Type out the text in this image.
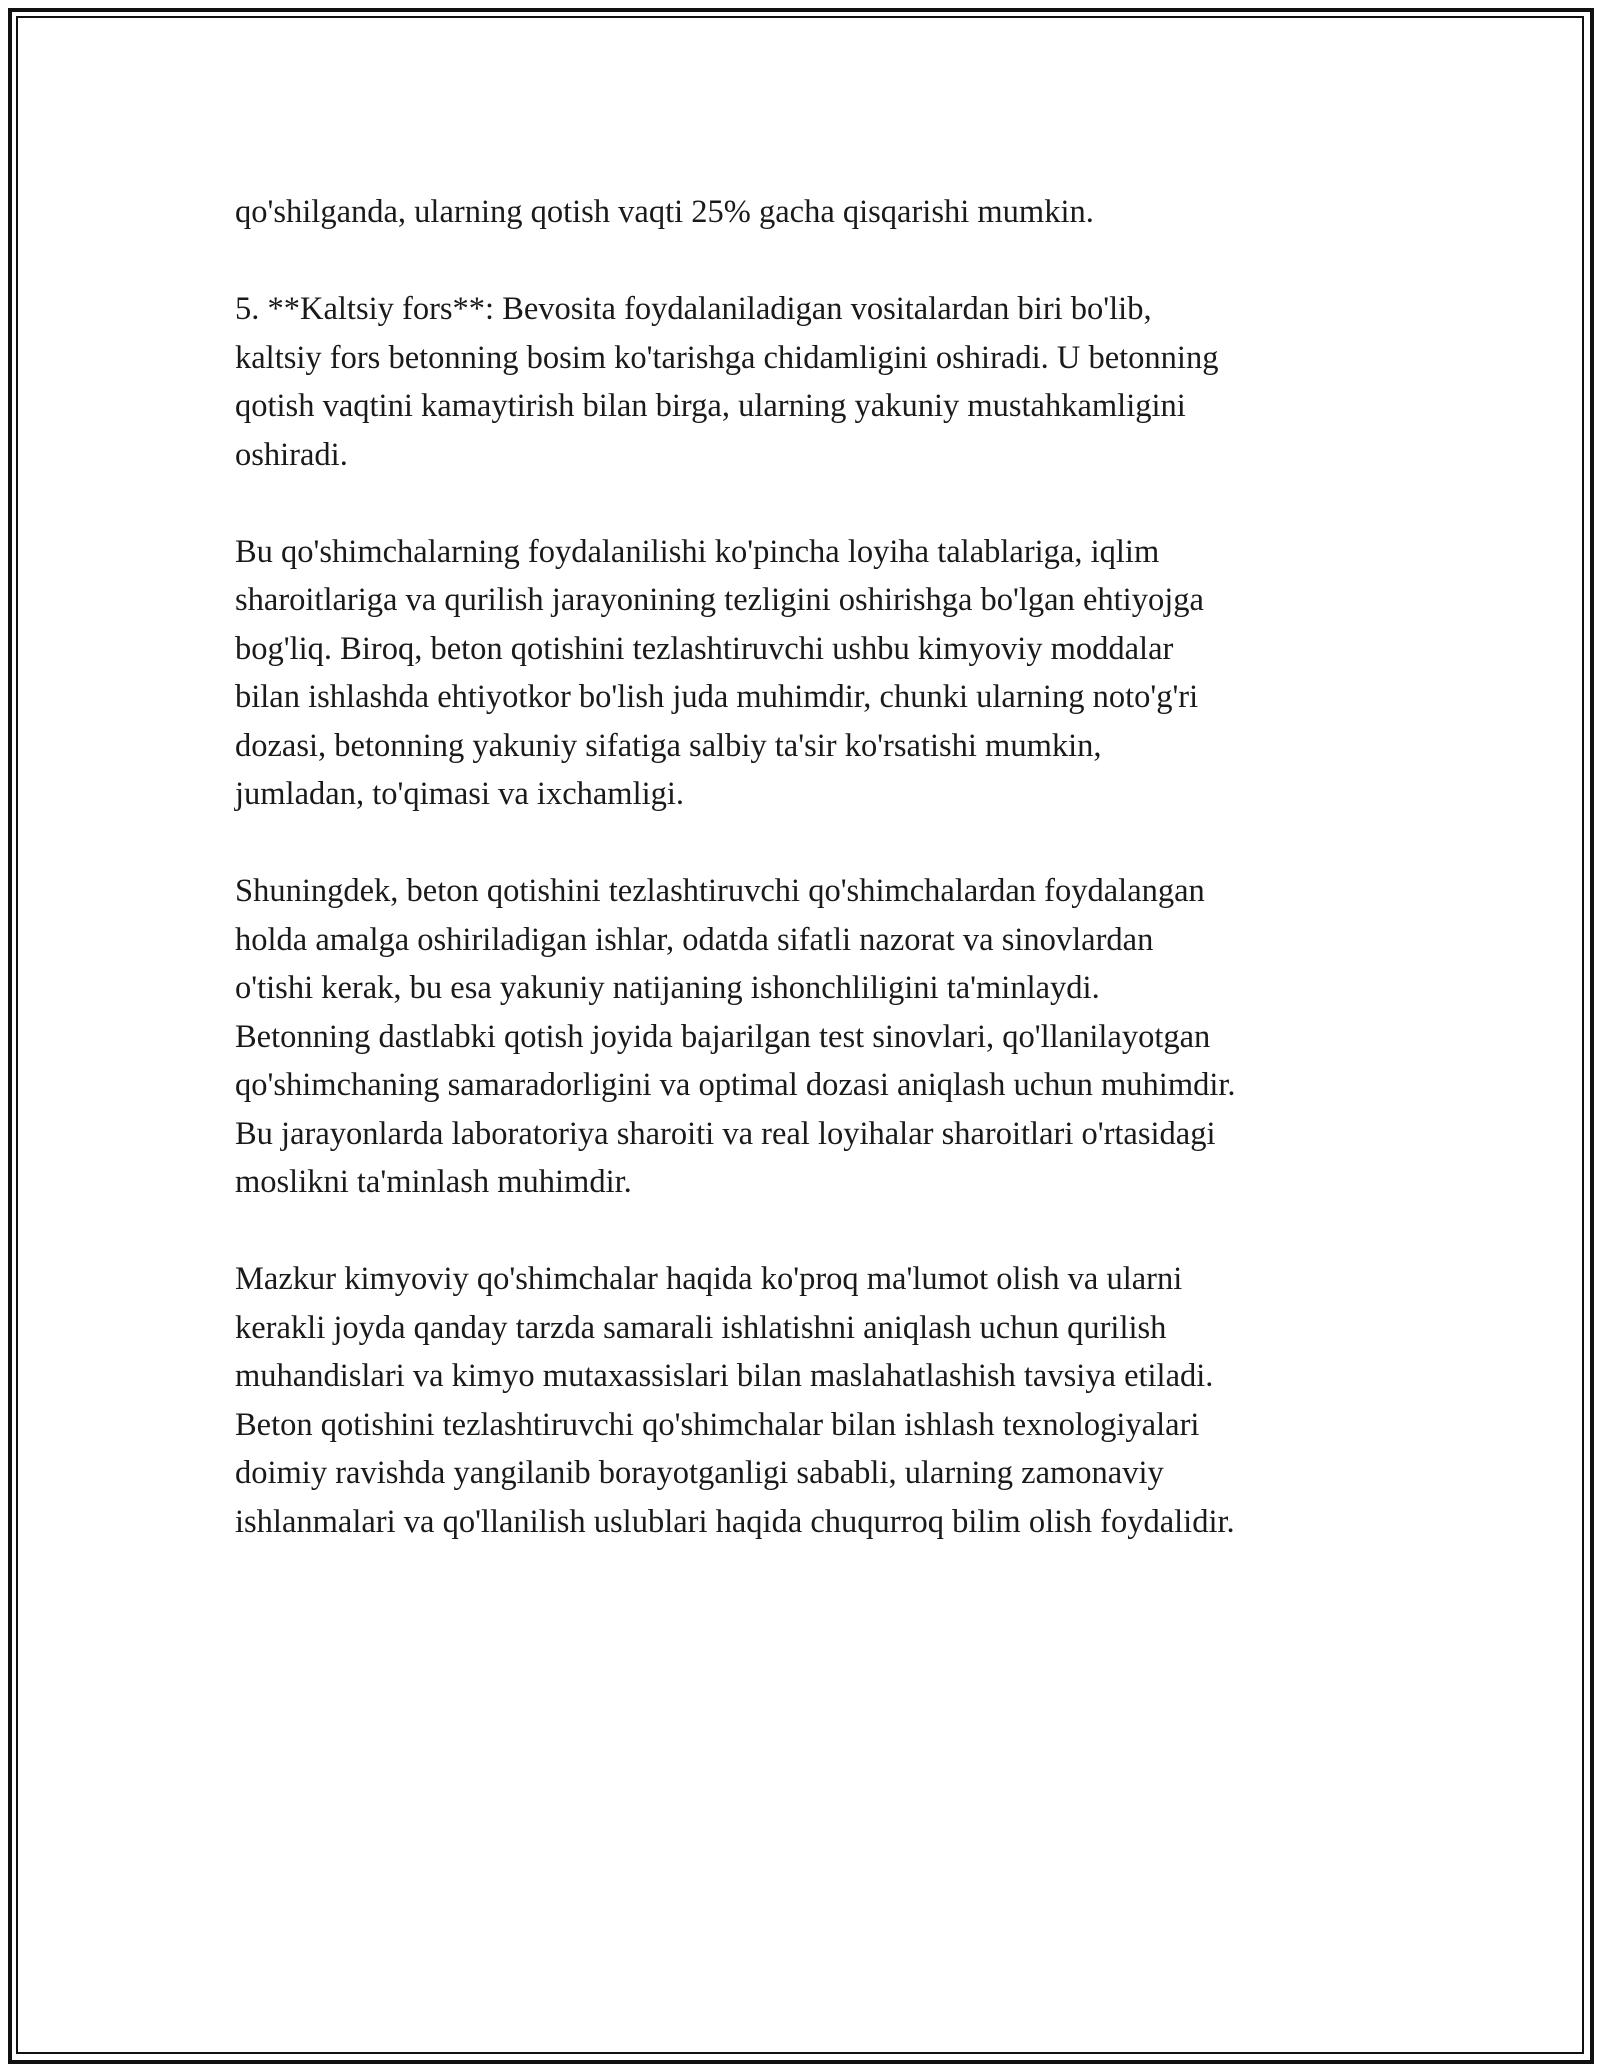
qo'shilganda, ularning qotish vaqti 25% gacha qisqarishi mumkin.

5. **Kaltsiy fors**: Bevosita foydalaniladigan vositalardan biri bo'lib,
kaltsiy fors betonning bosim ko'tarishga chidamligini oshiradi. U betonning
qotish vaqtini kamaytirish bilan birga, ularning yakuniy mustahkamligini
oshiradi.

Bu qo'shimchalarning foydalanilishi ko'pincha loyiha talablariga, iqlim
sharoitlariga va qurilish jarayonining tezligini oshirishga bo'lgan ehtiyojga
bog'liq. Biroq, beton qotishini tezlashtiruvchi ushbu kimyoviy moddalar
bilan ishlashda ehtiyotkor bo'lish juda muhimdir, chunki ularning noto'g'ri
dozasi, betonning yakuniy sifatiga salbiy ta'sir ko'rsatishi mumkin,
jumladan, to'qimasi va ixchamligi.

Shuningdek, beton qotishini tezlashtiruvchi qo'shimchalardan foydalangan
holda amalga oshiriladigan ishlar, odatda sifatli nazorat va sinovlardan
o'tishi kerak, bu esa yakuniy natijaning ishonchliligini ta'minlaydi.
Betonning dastlabki qotish joyida bajarilgan test sinovlari, qo'llanilayotgan
qo'shimchaning samaradorligini va optimal dozasi aniqlash uchun muhimdir.
Bu jarayonlarda laboratoriya sharoiti va real loyihalar sharoitlari o'rtasidagi
moslikni ta'minlash muhimdir.

Mazkur kimyoviy qo'shimchalar haqida ko'proq ma'lumot olish va ularni
kerakli joyda qanday tarzda samarali ishlatishni aniqlash uchun qurilish
muhandislari va kimyo mutaxassislari bilan maslahatlashish tavsiya etiladi.
Beton qotishini tezlashtiruvchi qo'shimchalar bilan ishlash texnologiyalari
doimiy ravishda yangilanib borayotganligi sababli, ularning zamonaviy
ishlanmalari va qo'llanilish uslublari haqida chuqurroq bilim olish foydalidir.
